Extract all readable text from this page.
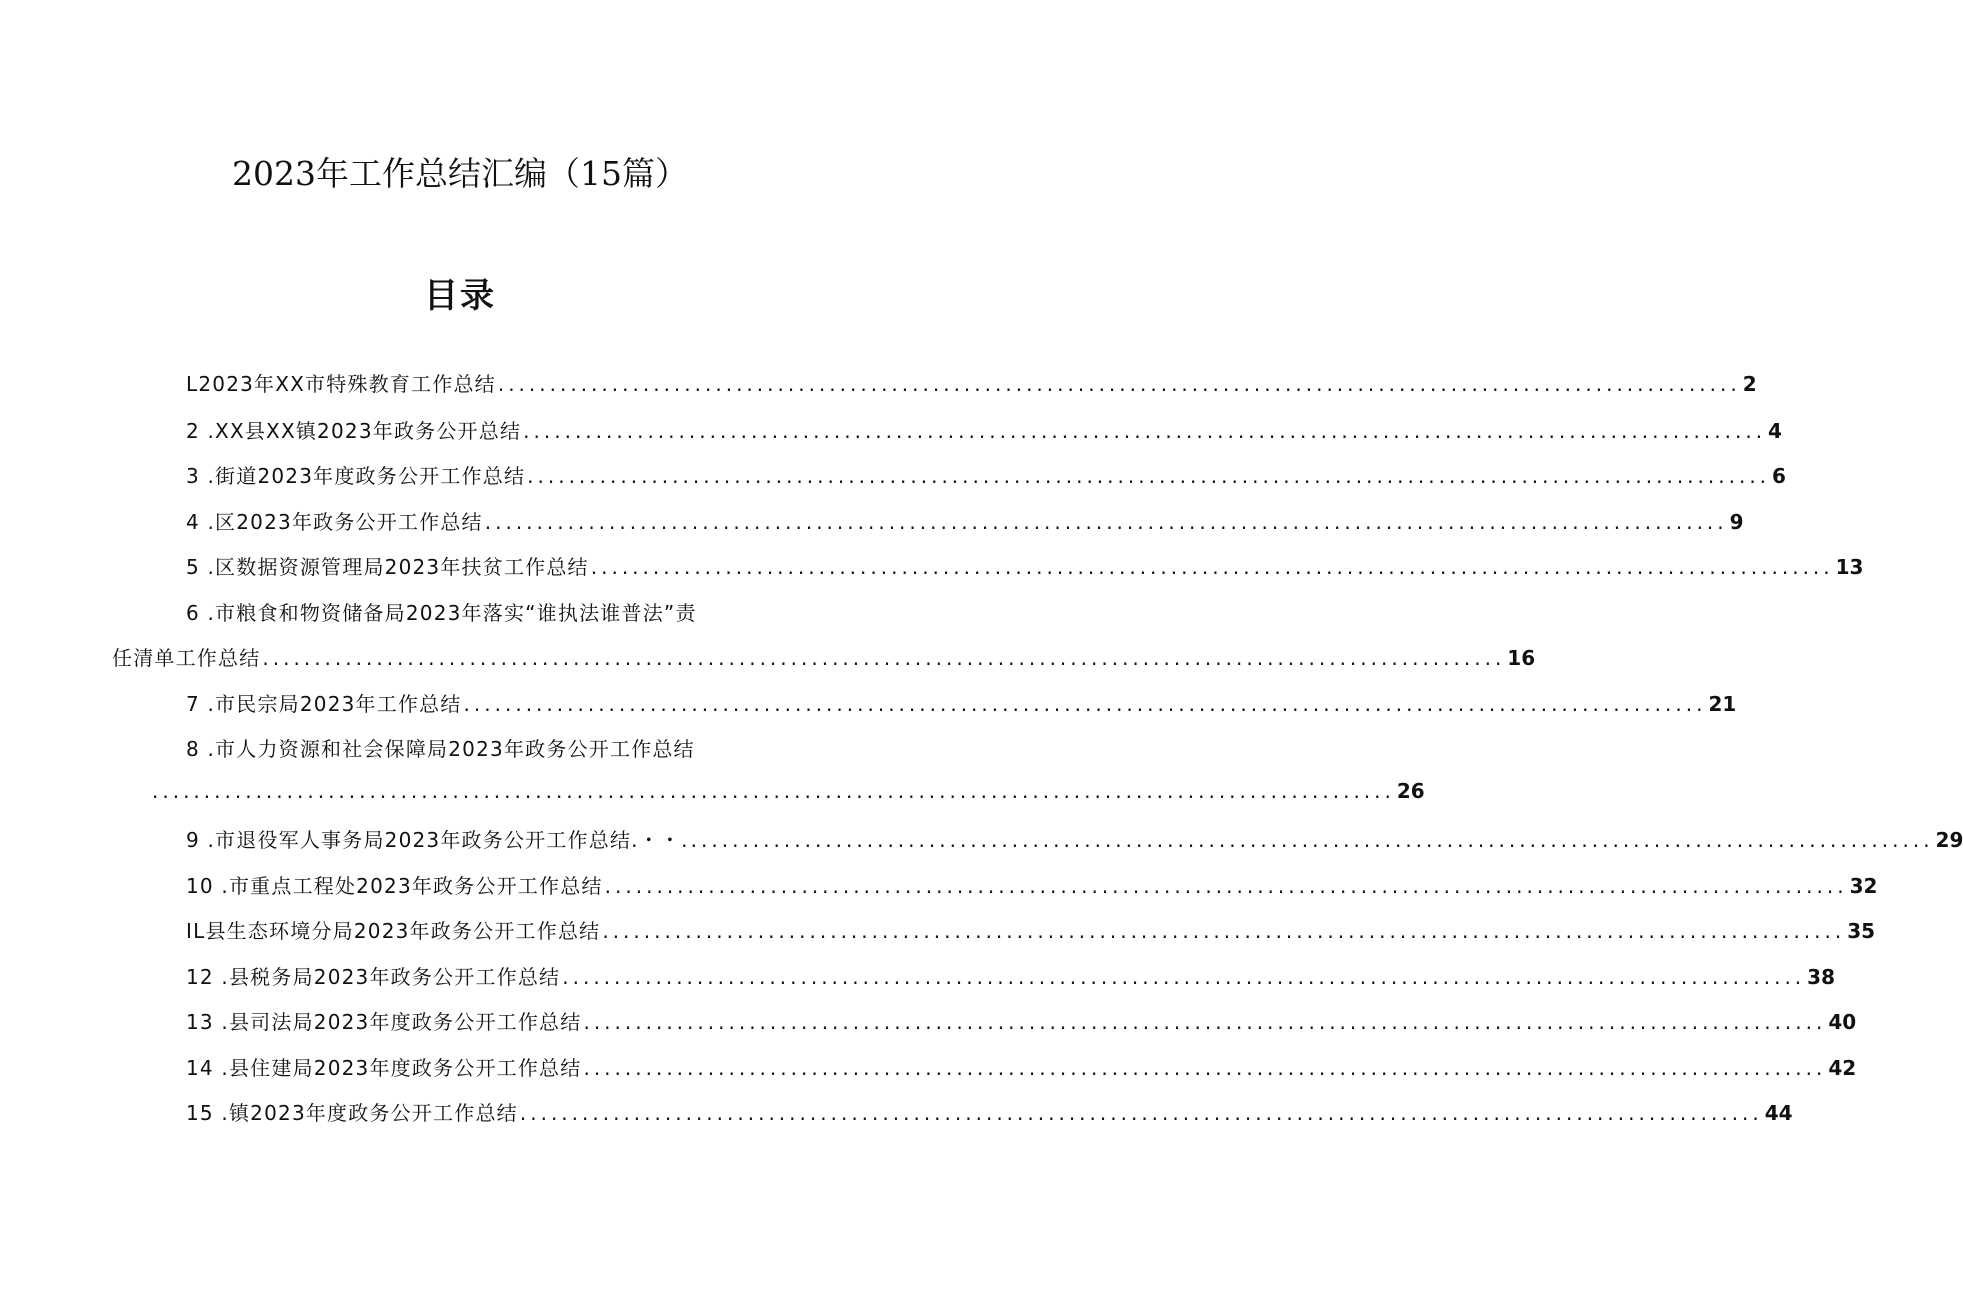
2023年工作总结汇编（15篇）
目录
L2023年XX市特殊教育工作总结 ........................................................................................................................ 2
2 .XX县XX镇2023年政务公开总结 ........................................................................................................................ 4
3 .街道2023年度政务公开工作总结 ........................................................................................................................ 6
4 .区2023年政务公开工作总结 ........................................................................................................................ 9
5 .区数据资源管理局2023年扶贫工作总结 ........................................................................................................................ 13
6 .市粮食和物资储备局2023年落实“谁执法谁普法”责
任清单工作总结 ........................................................................................................................ 16
7 .市民宗局2023年工作总结 ........................................................................................................................ 21
8 .市人力资源和社会保障局2023年政务公开工作总结
........................................................................................................................ 26
9 .市退役军人事务局2023年政务公开工作总结.・・. ........................................................................................................................ 29
10 .市重点工程处2023年政务公开工作总结 ........................................................................................................................ 32
IL县生态环境分局2023年政务公开工作总结 ........................................................................................................................ 35
12 .县税务局2023年政务公开工作总结 ........................................................................................................................ 38
13 .县司法局2023年度政务公开工作总结 ........................................................................................................................ 40
14 .县住建局2023年度政务公开工作总结 ........................................................................................................................ 42
15 .镇2023年度政务公开工作总结 ........................................................................................................................ 44
